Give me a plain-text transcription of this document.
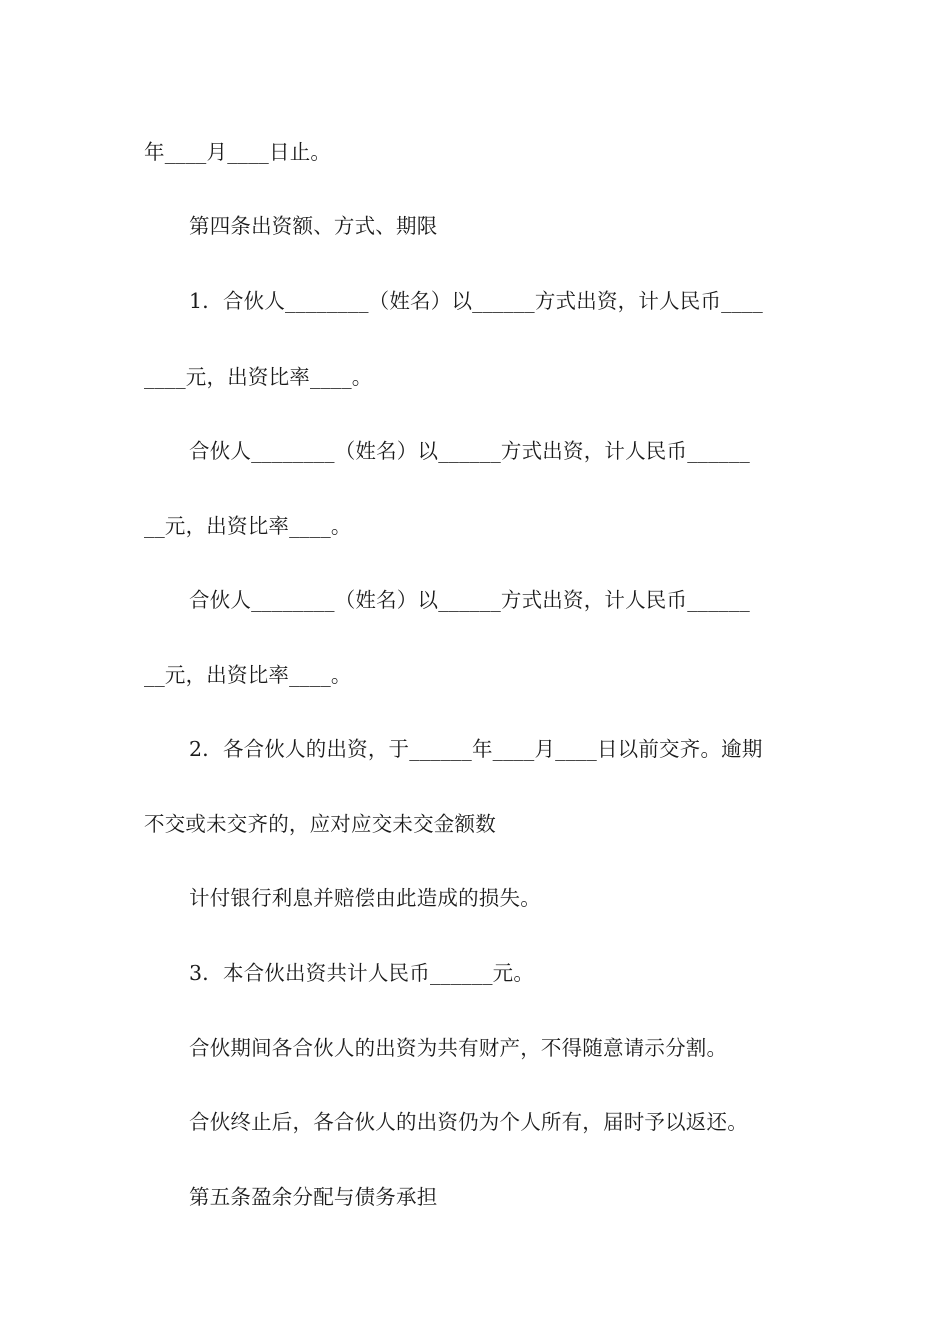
年____月____日止。
第四条出资额、方式、期限
1．合伙人________（姓名）以______方式出资，计人民币____
____元，出资比率____。
合伙人________（姓名）以______方式出资，计人民币______
__元，出资比率____。
合伙人________（姓名）以______方式出资，计人民币______
__元，出资比率____。
2．各合伙人的出资，于______年____月____日以前交齐。逾期
不交或未交齐的，应对应交未交金额数
计付银行利息并赔偿由此造成的损失。
3．本合伙出资共计人民币______元。
合伙期间各合伙人的出资为共有财产，不得随意请示分割。
合伙终止后，各合伙人的出资仍为个人所有，届时予以返还。
第五条盈余分配与债务承担
